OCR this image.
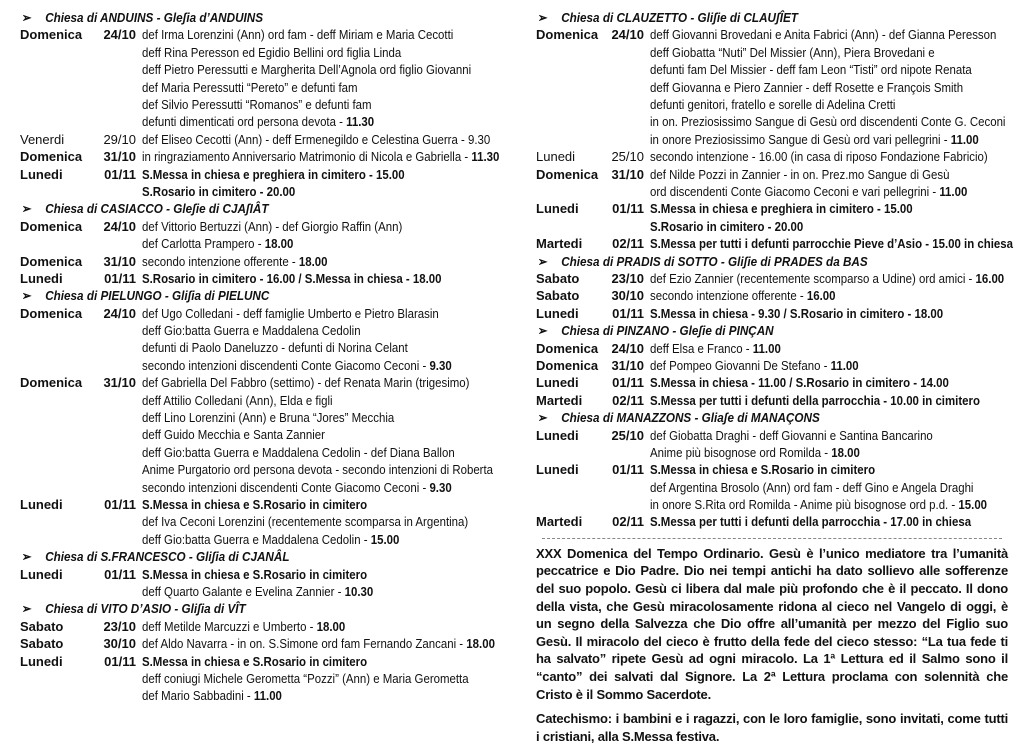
➢ Chiesa di ANDUINS - Gleʃia d’ANDUINS
Domenica	24/10 def Irma Lorenzini (Ann) ord fam - deff Miriam e Maria Cecotti
deff Rina Peresson ed Egidio Bellini ord figlia Linda
deff Pietro Peressutti e Margherita Dell’Agnola ord figlio Giovanni
def Maria Peressutti “Pereto” e defunti fam
def Silvio Peressutti “Romanos” e defunti fam
defunti dimenticati ord persona devota - 11.30
Venerdi	29/10 def Eliseo Cecotti (Ann) - deff Ermenegildo e Celestina Guerra - 9.30
Domenica	31/10 in ringraziamento Anniversario Matrimonio di Nicola e Gabriella - 11.30
Lunedi	01/11 S.Messa in chiesa e preghiera in cimitero - 15.00
S.Rosario in cimitero - 20.00
➢ Chiesa di CASIACCO - Gleʃie di CJAʃIÂT
Domenica	24/10 def Vittorio Bertuzzi (Ann) - def Giorgio Raffin (Ann)
def Carlotta Prampero - 18.00
Domenica	31/10 secondo intenzione offerente - 18.00
Lunedi	01/11 S.Rosario in cimitero - 16.00 / S.Messa in chiesa - 18.00
➢ Chiesa di PIELUNGO - Gliʃia di PIELUNC
Domenica	24/10 def Ugo Colledani - deff famiglie Umberto e Pietro Blarasin
deff Gio:batta Guerra e Maddalena Cedolin
defunti di Paolo Daneluzzo - defunti di Norina Celant
secondo intenzioni discendenti Conte Giacomo Ceconi - 9.30
Domenica	31/10 def Gabriella Del Fabbro (settimo) - def Renata Marin (trigesimo)
deff Attilio Colledani (Ann), Elda e figli
deff Lino Lorenzini (Ann) e Bruna “Jores” Mecchia
deff Guido Mecchia e Santa Zannier
deff Gio:batta Guerra e Maddalena Cedolin - def Diana Ballon
Anime Purgatorio ord persona devota - secondo intenzioni di Roberta
secondo intenzioni discendenti Conte Giacomo Ceconi - 9.30
Lunedi	01/11 S.Messa in chiesa e S.Rosario in cimitero
def Iva Ceconi Lorenzini (recentemente scomparsa in Argentina)
deff Gio:batta Guerra e Maddalena Cedolin - 15.00
➢ Chiesa di S.FRANCESCO - Gliʃia di CJANÂL
Lunedi	01/11 S.Messa in chiesa e S.Rosario in cimitero
deff Quarto Galante e Evelina Zannier - 10.30
➢ Chiesa di VITO D’ASIO - Gliʃia di VÎT
Sabato	23/10 deff Metilde Marcuzzi e Umberto - 18.00
Sabato	30/10 def Aldo Navarra - in on. S.Simone ord fam Fernando Zancani - 18.00
Lunedi	01/11 S.Messa in chiesa e S.Rosario in cimitero
deff coniugi Michele Gerometta “Pozzi” (Ann) e Maria Gerometta
def Mario Sabbadini - 11.00
➢ Chiesa di CLAUZETTO - Gliʃie di CLAUʃÎET
Domenica	24/10 deff Giovanni Brovedani e Anita Fabrici (Ann) - def Gianna Peresson
deff Giobatta “Nuti” Del Missier (Ann), Piera Brovedani e
defunti fam Del Missier - deff fam Leon “Tisti” ord nipote Renata
deff Giovanna e Piero Zannier - deff Rosette e François Smith
defunti genitori, fratello e sorelle di Adelina Cretti
in on. Preziosissimo Sangue di Gesù ord discendenti Conte G. Ceconi
in onore Preziosissimo Sangue di Gesù ord vari pellegrini - 11.00
Lunedi	25/10 secondo intenzione - 16.00 (in casa di riposo Fondazione Fabricio)
Domenica	31/10 def Nilde Pozzi in Zannier - in on. Prez.mo Sangue di Gesù
ord discendenti Conte Giacomo Ceconi e vari pellegrini - 11.00
Lunedi	01/11 S.Messa in chiesa e preghiera in cimitero - 15.00
S.Rosario in cimitero - 20.00
Martedi	02/11 S.Messa per tutti i defunti parrocchie Pieve d’Asio - 15.00 in chiesa
➢ Chiesa di PRADIS di SOTTO - Gliʃie di PRADES da BAS
Sabato	23/10 def Ezio Zannier (recentemente scomparso a Udine) ord amici - 16.00
Sabato	30/10 secondo intenzione offerente - 16.00
Lunedi	01/11 S.Messa in chiesa - 9.30 / S.Rosario in cimitero - 18.00
➢ Chiesa di PINZANO - Gleʃie di PINÇAN
Domenica	24/10 deff Elsa e Franco - 11.00
Domenica	31/10 def Pompeo Giovanni De Stefano - 11.00
Lunedi	01/11 S.Messa in chiesa - 11.00 / S.Rosario in cimitero - 14.00
Martedi	02/11 S.Messa per tutti i defunti della parrocchia - 10.00 in cimitero
➢ Chiesa di MANAZZONS - Gliaʃe di MANAÇONS
Lunedi	25/10 def Giobatta Draghi - deff Giovanni e Santina Bancarino
Anime più bisognose ord Romilda - 18.00
Lunedi	01/11 S.Messa in chiesa e S.Rosario in cimitero
def Argentina Brosolo (Ann) ord fam - deff Gino e Angela Draghi
in onore S.Rita ord Romilda - Anime più bisognose ord p.d. - 15.00
Martedi	02/11 S.Messa per tutti i defunti della parrocchia - 17.00 in chiesa
XXX Domenica del Tempo Ordinario. Gesù è l’unico mediatore tra l’umanità peccatrice e Dio Padre. Dio nei tempi antichi ha dato sollievo alle sofferenze del suo popolo. Gesù ci libera dal male più profondo che è il peccato. Il dono della vista, che Gesù miracolosamente ridona al cieco nel Vangelo di oggi, è un segno della Salvezza che Dio offre all’umanità per mezzo del Figlio suo Gesù. Il miracolo del cieco è frutto della fede del cieco stesso: “La tua fede ti ha salvato” ripete Gesù ad ogni miracolo. La 1ª Lettura ed il Salmo sono il “canto” dei salvati dal Signore. La 2ª Lettura proclama con solennità che Cristo è il Sommo Sacerdote.
Catechismo: i bambini e i ragazzi, con le loro famiglie, sono invitati, come tutti i cristiani, alla S.Messa festiva.
